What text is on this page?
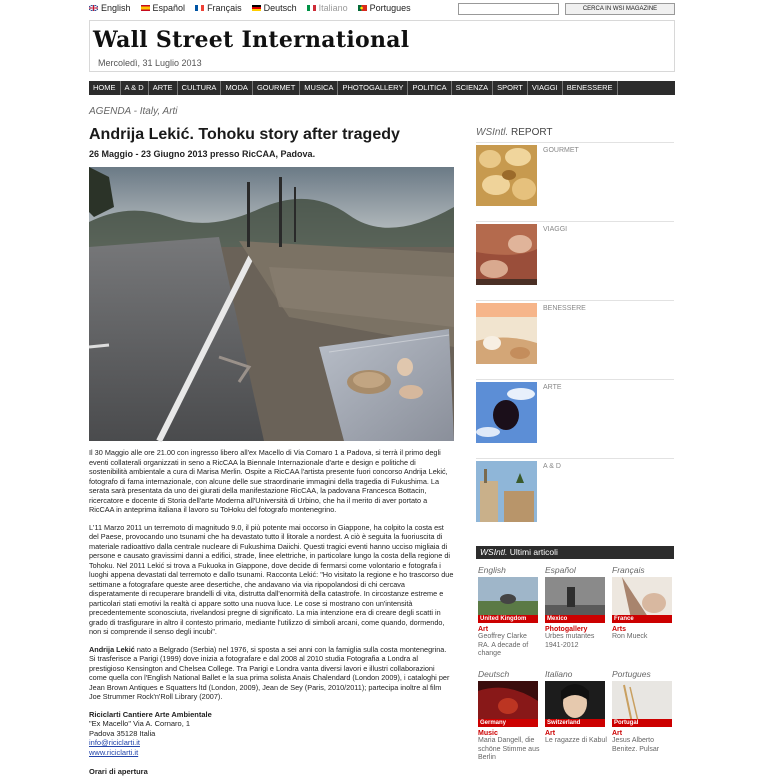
English Español Français Deutsch Italiano Portugues	CERCA IN WSI MAGAZINE
Wall Street International
Mercoledì, 31 Luglio 2013
HOME	A & D	ARTE	CULTURA	MODA	GOURMET	MUSICA	PHOTOGALLERY	POLITICA	SCIENZA	SPORT	VIAGGI	BENESSERE
AGENDA - Italy, Arti
Andrija Lekić. Tohoku story after tragedy
26 Maggio - 23 Giugno 2013 presso RicCAA, Padova.

Il 30 Maggio alle ore 21.00 con ingresso libero all'ex Macello di Via Cornaro 1 a Padova, si terrà il primo degli eventi collaterali organizzati in seno a RicCAA la Biennale Internazionale d'arte e design e politiche di sostenibilità ambientale a cura di Marisa Merlin. Ospite a RicCAA l'artista presente fuori concorso Andrija Lekić, fotografo di fama internazionale, con alcune delle sue straordinarie immagini della tragedia di Fukushima. La serata sarà presentata da uno dei giurati della manifestazione RicCAA, la padovana Francesca Bottacin, ricercatore e docente di Storia dell'arte Moderna all'Università di Urbino, che ha il merito di aver portato a RicCAA in anteprima italiana il lavoro su ToHoku del fotografo montenegrino.

L'11 Marzo 2011 un terremoto di magnitudo 9.0, il più potente mai occorso in Giappone, ha colpito la costa est del Paese, provocando uno tsunami che ha devastato tutto il litorale a nordest. A ciò è seguita la fuoriuscita di materiale radioattivo dalla centrale nucleare di Fukushima Daiichi. Questi tragici eventi hanno ucciso migliaia di persone e causato gravissimi danni a edifici, strade, linee elettriche, in particolare lungo la costa della regione di Tohoku. Nel 2011 Lekić si trova a Fukuoka in Giappone, dove decide di fermarsi come volontario e fotografa i luoghi appena devastati dal terremoto e dallo tsunami. Racconta Lekić: "Ho visitato la regione e ho trascorso due settimane a fotografare queste aree desertiche, che andavano via via ripopolandosi di chi cercava disperatamente di recuperare brandelli di vita, distrutta dall'enormità della catastrofe. In circostanze estreme e particolari stati emotivi la realtà ci appare sotto una nuova luce. Le cose si mostrano con un'intensità precedentemente sconosciuta, rivelandosi pregne di significato. La mia intenzione era di creare degli scatti in grado di trasfigurare in altro il contesto primario, mediante l'utilizzo di simboli arcani, come quando, dormendo, non si comprende il senso degli incubi".

Andrija Lekić nato a Belgrado (Serbia) nel 1976, si sposta a sei anni con la famiglia sulla costa montenegrina. Si trasferisce a Parigi (1999) dove inizia a fotografare e dal 2008 al 2010 studia Fotografia a Londra al prestigioso Kensington and Chelsea College. Tra Parigi e Londra vanta diversi lavori e illustri collaborazioni come quella con l'English National Ballet e la sua prima solista Anais Chalendard (London 2009), i cataloghi per Jean Brown Antiques e Squatters ltd (London, 2009), Jean de Sey (Paris, 2010/2011); partecipa inoltre al film Joe Strummer Rock'n'Roll Library (2007).

Riciclarti Cantiere Arte Ambientale
"Ex Macello" Via A. Cornaro, 1
Padova 35128 Italia
info@riciclarti.it
www.riciclarti.it
Orari di apertura
WSIntl. REPORT
GOURMET
VIAGGI
BENESSERE
ARTE
A & D
WSIntl. Ultimi articoli
English
United Kingdom
Art
Geoffrey Clarke RA. A decade of change
Español
Mexico
Photogallery
Urbes mutantes 1941-2012
Français
France
Arts
Ron Mueck
Deutsch
Germany
Music
Maria Dangell, die schöne Stimme aus Berlin
Italiano
Switzerland
Art
Le ragazze di Kabul
Portugues
Portugal
Art
Jesus Alberto Benitez. Pulsar
